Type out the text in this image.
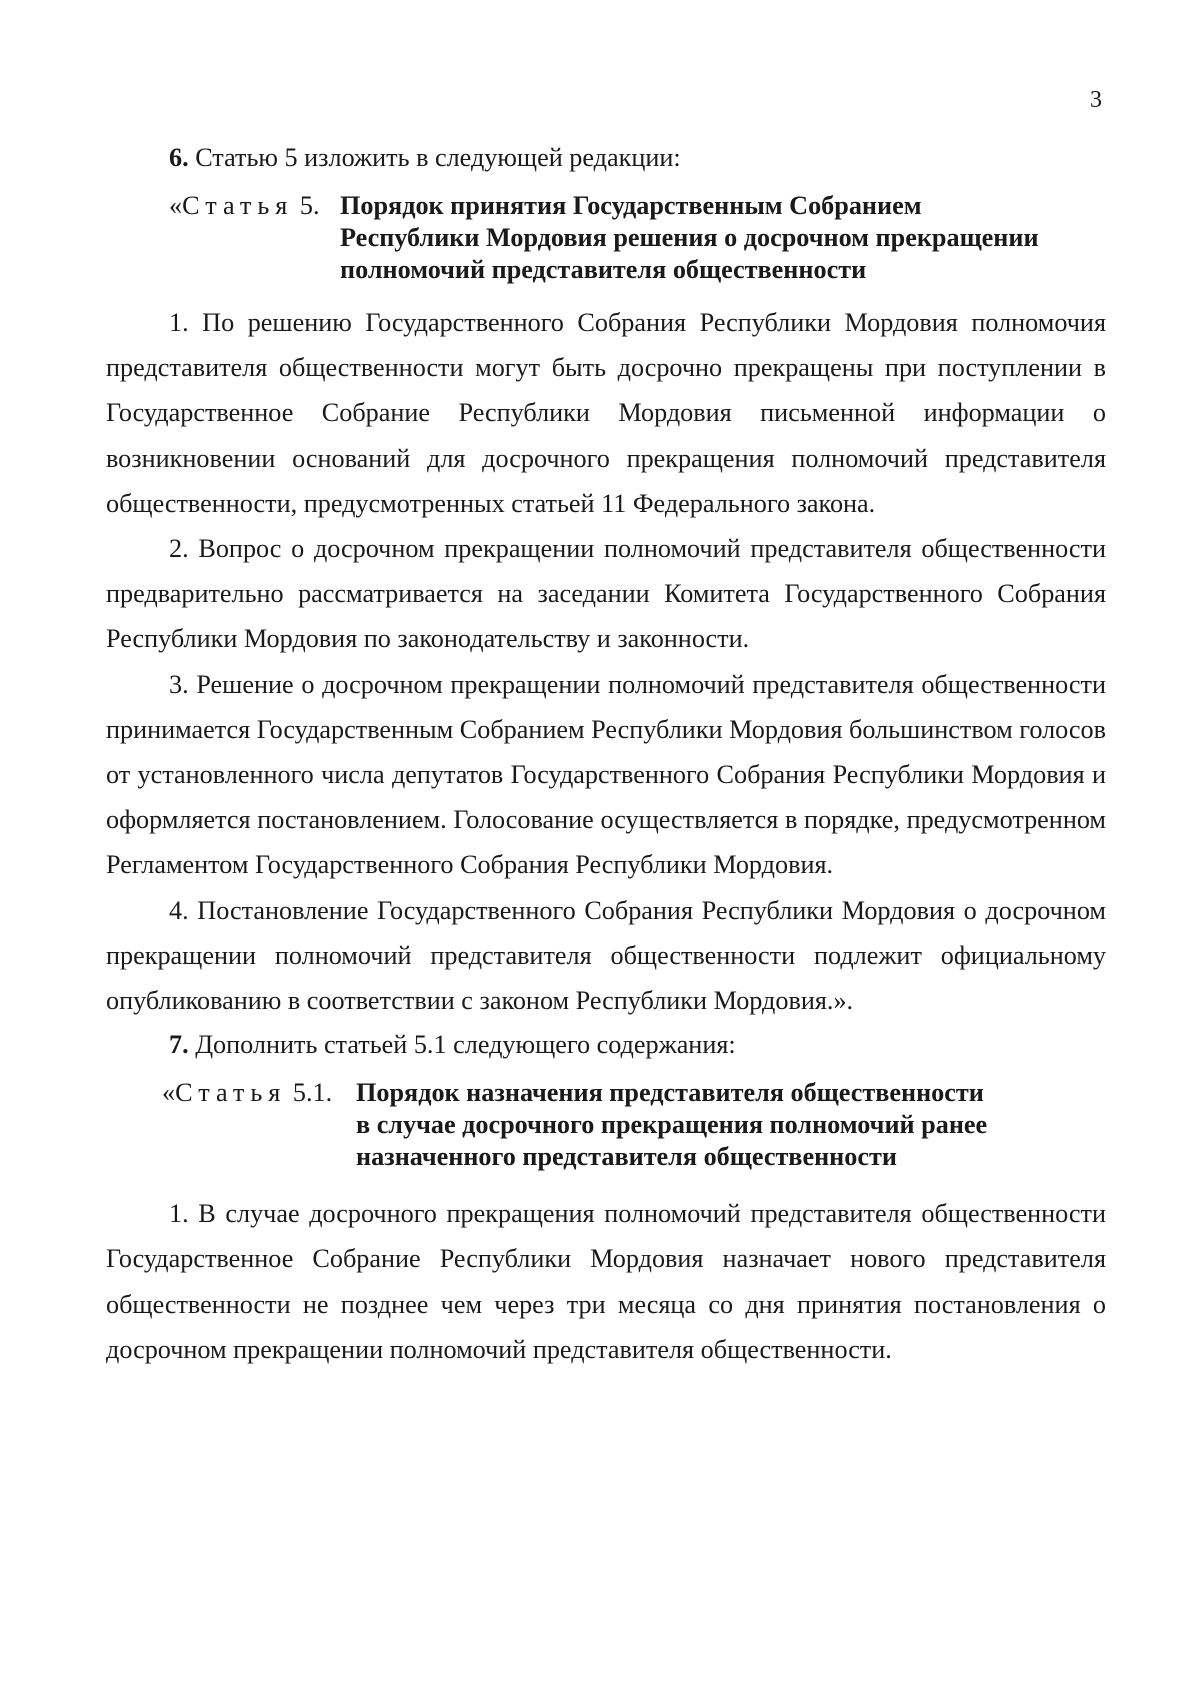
3

6. Статью 5 изложить в следующей редакции:

«Статья 5. Порядок принятия Государственным Собранием
Республики Мордовия решения о досрочном прекращении
полномочий представителя общественности

1. По решению Государственного Собрания Республики Мордовия полномочия представителя общественности могут быть досрочно прекращены при поступлении в Государственное Собрание Республики Мордовия письменной информации о возникновении оснований для досрочного прекращения полномочий представителя общественности, предусмотренных статьей 11 Федерального закона.

2. Вопрос о досрочном прекращении полномочий представителя общественности предварительно рассматривается на заседании Комитета Государственного Собрания Республики Мордовия по законодательству и законности.

3. Решение о досрочном прекращении полномочий представителя общественности принимается Государственным Собранием Республики Мордовия большинством голосов от установленного числа депутатов Государственного Собрания Республики Мордовия и оформляется постановлением. Голосование осуществляется в порядке, предусмотренном Регламентом Государственного Собрания Республики Мордовия.

4. Постановление Государственного Собрания Республики Мордовия о досрочном прекращении полномочий представителя общественности подлежит официальному опубликованию в соответствии с законом Республики Мордовия.».

7. Дополнить статьей 5.1 следующего содержания:

«Статья 5.1. Порядок назначения представителя общественности
в случае досрочного прекращения полномочий ранее
назначенного представителя общественности

1. В случае досрочного прекращения полномочий представителя общественности Государственное Собрание Республики Мордовия назначает нового представителя общественности не позднее чем через три месяца со дня принятия постановления о досрочном прекращении полномочий представителя общественности.
